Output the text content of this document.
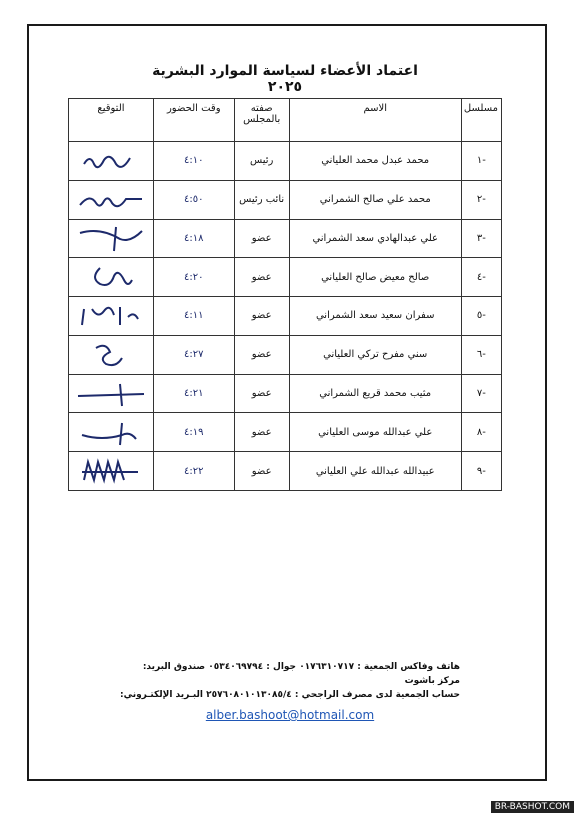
اعتماد الأعضاء لسياسة الموارد البشرية ٢٠٢٥
مسلسل	الاسم	صفته بالمجلس	وقت الحضور	التوقيع
-١	محمد عبدل محمد العلياني	رئيس	٤:١٠	

-٢	محمد علي صالح الشمراني	نائب رئيس	٤:٥٠	

-٣	علي عبدالهادي سعد الشمراني	عضو	٤:١٨	

-٤	صالح معيض صالح العلياني	عضو	٤:٢٠	

-٥	سفران سعيد سعد الشمراني	عضو	٤:١١	

-٦	سني مفرح تركي العلياني	عضو	٤:٢٧	

-٧	مثيب محمد قريع الشمراني	عضو	٤:٢١	

-٨	علي عبدالله موسى العلياني	عضو	٤:١٩	

-٩	عبيدالله عبدالله علي العلياني	عضو	٤:٢٢	
هاتف وفاكس الجمعية : ٠١٧٦٣١٠٧١٧ جوال : ٠٥٣٤٠٦٩٧٩٤ صندوق البريد: مركز باشوت
حساب الجمعية لدى مصرف الراجحي : ٢٥٧٦٠٨٠١٠١٣٠٨٥/٤ البـريد الإلكتـروني:
alber.bashoot@hotmail.com
BR-BASHOT.COM
